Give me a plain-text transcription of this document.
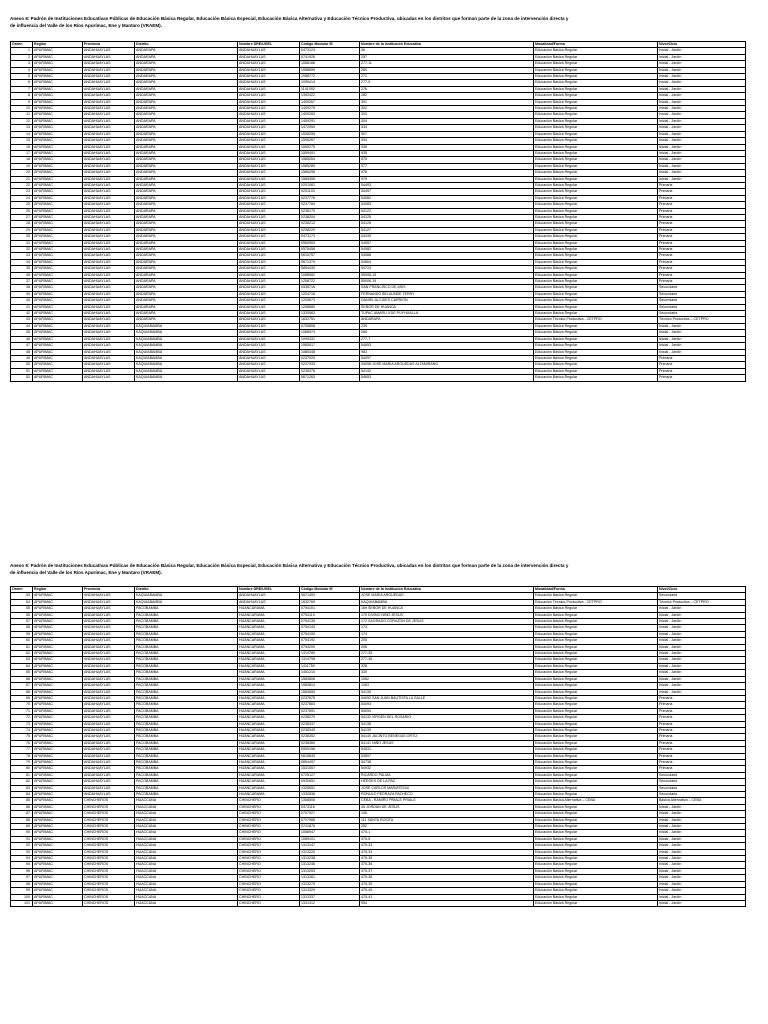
Anexo 6: Padrón de Instituciones Educativas Públicas de Educación Básica Regular, Educación Básica Especial, Educación Básica Alternativa y Educación Técnico Productiva, ubicadas en los distritos que forman parte de la zona de intervención directa y
de influencia del Valle de los Ríos Apurímac, Ene y Mantaro (VRAEM).
Orden	Región	Provincia	Distrito	Nombre DRE/UGEL	Código Modular IE	Nombre de la Institución Educativa	Modalidad/Forma	Nivel/Ciclo
1	APURIMAC	ANDAHUAYLAS	ANDARAPA	ANDAHUAYLAS	0473124	36	Educación Básica Regular	Inicial - Jardín
2	APURIMAC	ANDAHUAYLAS	ANDARAPA	ANDAHUAYLAS	0741926	257	Educación Básica Regular	Inicial - Jardín
3	APURIMAC	ANDAHUAYLAS	ANDARAPA	ANDAHUAYLAS	1088186	277-11	Educación Básica Regular	Inicial - Jardín
4	APURIMAC	ANDAHUAYLAS	ANDARAPA	ANDAHUAYLAS	1088699	269	Educación Básica Regular	Inicial - Jardín
5	APURIMAC	ANDAHUAYLAS	ANDARAPA	ANDAHUAYLAS	1088772	271	Educación Básica Regular	Inicial - Jardín
6	APURIMAC	ANDAHUAYLAS	ANDARAPA	ANDAHUAYLAS	1090414	277-9	Educación Básica Regular	Inicial - Jardín
7	APURIMAC	ANDAHUAYLAS	ANDARAPA	ANDAHUAYLAS	1141092	276	Educación Básica Regular	Inicial - Jardín
8	APURIMAC	ANDAHUAYLAS	ANDARAPA	ANDAHUAYLAS	1392422	282	Educación Básica Regular	Inicial - Jardín
9	APURIMAC	ANDAHUAYLAS	ANDARAPA	ANDAHUAYLAS	1409267	301	Educación Básica Regular	Inicial - Jardín
10	APURIMAC	ANDAHUAYLAS	ANDARAPA	ANDAHUAYLAS	1409275	302	Educación Básica Regular	Inicial - Jardín
11	APURIMAC	ANDAHUAYLAS	ANDARAPA	ANDAHUAYLAS	1409283	303	Educación Básica Regular	Inicial - Jardín
12	APURIMAC	ANDAHUAYLAS	ANDARAPA	ANDAHUAYLAS	1409291	304	Educación Básica Regular	Inicial - Jardín
13	APURIMAC	ANDAHUAYLAS	ANDARAPA	ANDAHUAYLAS	1472950	334	Educación Básica Regular	Inicial - Jardín
14	APURIMAC	ANDAHUAYLAS	ANDARAPA	ANDAHUAYLAS	1538255	907	Educación Básica Regular	Inicial - Jardín
15	APURIMAC	ANDAHUAYLAS	ANDARAPA	ANDAHUAYLAS	1555267	934	Educación Básica Regular	Inicial - Jardín
16	APURIMAC	ANDAHUAYLAS	ANDARAPA	ANDAHUAYLAS	1555275	936	Educación Básica Regular	Inicial - Jardín
17	APURIMAC	ANDAHUAYLAS	ANDARAPA	ANDAHUAYLAS	1559491	935	Educación Básica Regular	Inicial - Jardín
18	APURIMAC	ANDAHUAYLAS	ANDARAPA	ANDAHUAYLAS	1585264	975	Educación Básica Regular	Inicial - Jardín
19	APURIMAC	ANDAHUAYLAS	ANDARAPA	ANDAHUAYLAS	1585280	977	Educación Básica Regular	Inicial - Jardín
20	APURIMAC	ANDAHUAYLAS	ANDARAPA	ANDAHUAYLAS	1585298	978	Educación Básica Regular	Inicial - Jardín
21	APURIMAC	ANDAHUAYLAS	ANDARAPA	ANDAHUAYLAS	1585306	979	Educación Básica Regular	Inicial - Jardín
22	APURIMAC	ANDAHUAYLAS	ANDARAPA	ANDAHUAYLAS	0201061	54493	Educación Básica Regular	Primaria
23	APURIMAC	ANDAHUAYLAS	ANDARAPA	ANDAHUAYLAS	0201103	54497	Educación Básica Regular	Primaria
24	APURIMAC	ANDAHUAYLAS	ANDARAPA	ANDAHUAYLAS	0237776	54082	Educación Básica Regular	Primaria
25	APURIMAC	ANDAHUAYLAS	ANDARAPA	ANDAHUAYLAS	0237784	54083	Educación Básica Regular	Primaria
26	APURIMAC	ANDAHUAYLAS	ANDARAPA	ANDAHUAYLAS	0238170	54122	Educación Básica Regular	Primaria
27	APURIMAC	ANDAHUAYLAS	ANDARAPA	ANDAHUAYLAS	0238204	54125	Educación Básica Regular	Primaria
28	APURIMAC	ANDAHUAYLAS	ANDARAPA	ANDAHUAYLAS	0238212	54126	Educación Básica Regular	Primaria
29	APURIMAC	ANDAHUAYLAS	ANDARAPA	ANDAHUAYLAS	0238220	54127	Educación Básica Regular	Primaria
30	APURIMAC	ANDAHUAYLAS	ANDARAPA	ANDAHUAYLAS	0473173	54339	Educación Básica Regular	Primaria
31	APURIMAC	ANDAHUAYLAS	ANDARAPA	ANDAHUAYLAS	0560953	54557	Educación Básica Regular	Primaria
32	APURIMAC	ANDAHUAYLAS	ANDARAPA	ANDAHUAYLAS	0575456	54582	Educación Básica Regular	Primaria
33	APURIMAC	ANDAHUAYLAS	ANDARAPA	ANDAHUAYLAS	0615757	54588	Educación Básica Regular	Primaria
34	APURIMAC	ANDAHUAYLAS	ANDARAPA	ANDAHUAYLAS	0671370	54664	Educación Básica Regular	Primaria
35	APURIMAC	ANDAHUAYLAS	ANDARAPA	ANDAHUAYLAS	0854430	54724	Educación Básica Regular	Primaria
36	APURIMAC	ANDAHUAYLAS	ANDARAPA	ANDAHUAYLAS	1088582	55006-15	Educación Básica Regular	Primaria
37	APURIMAC	ANDAHUAYLAS	ANDARAPA	ANDAHUAYLAS	1258722	55006-19	Educación Básica Regular	Primaria
38	APURIMAC	ANDAHUAYLAS	ANDARAPA	ANDAHUAYLAS	0535716	SAN FRANCISCO DE ASIS	Educación Básica Regular	Secundaria
39	APURIMAC	ANDAHUAYLAS	ANDARAPA	ANDAHUAYLAS	1204718	FERNANDO BELAUNDE TERRY	Educación Básica Regular	Secundaria
40	APURIMAC	ANDAHUAYLAS	ANDARAPA	ANDAHUAYLAS	1205673	DANIEL ALCIDES CARRION	Educación Básica Regular	Secundaria
41	APURIMAC	ANDAHUAYLAS	ANDARAPA	ANDAHUAYLAS	1258680	SEÑOR DE HUANCA	Educación Básica Regular	Secundaria
42	APURIMAC	ANDAHUAYLAS	ANDARAPA	ANDAHUAYLAS	1330562	TUPAC AMARU II DE PUYHUALLA	Educación Básica Regular	Secundaria
43	APURIMAC	ANDAHUAYLAS	ANDARAPA	ANDAHUAYLAS	1632751	ANDARAPA	Educación Técnico-Productiva - CETPRO	Técnico Productiva – CETPRO
44	APURIMAC	ANDAHUAYLAS	KAQUIABAMBA	ANDAHUAYLAS	0706808	239	Educación Básica Regular	Inicial - Jardín
45	APURIMAC	ANDAHUAYLAS	KAQUIABAMBA	ANDAHUAYLAS	1088574	266	Educación Básica Regular	Inicial - Jardín
46	APURIMAC	ANDAHUAYLAS	KAQUIABAMBA	ANDAHUAYLAS	1090331	277-7	Educación Básica Regular	Inicial - Jardín
47	APURIMAC	ANDAHUAYLAS	KAQUIABAMBA	ANDAHUAYLAS	1585017	54653	Educación Básica Regular	Inicial - Jardín
48	APURIMAC	ANDAHUAYLAS	KAQUIABAMBA	ANDAHUAYLAS	1585348	983	Educación Básica Regular	Inicial - Jardín
49	APURIMAC	ANDAHUAYLAS	KAQUIABAMBA	ANDAHUAYLAS	0237925	54097	Educación Básica Regular	Primaria
50	APURIMAC	ANDAHUAYLAS	KAQUIABAMBA	ANDAHUAYLAS	0237933	54098 JOSE MARIA ARGUEDAS ALTAMIRANO	Educación Básica Regular	Primaria
51	APURIMAC	ANDAHUAYLAS	KAQUIABAMBA	ANDAHUAYLAS	0238378	54142	Educación Básica Regular	Primaria
52	APURIMAC	ANDAHUAYLAS	KAQUIABAMBA	ANDAHUAYLAS	0671263	54653	Educación Básica Regular	Primaria
Anexo 6: Padrón de Instituciones Educativas Públicas de Educación Básica Regular, Educación Básica Especial, Educación Básica Alternativa y Educación Técnico Productiva, ubicadas en los distritos que forman parte de la zona de intervención directa y
de influencia del Valle de los Ríos Apurímac, Ene y Mantaro (VRAEM).
Orden	Región	Provincia	Distrito	Nombre DRE/UGEL	Código Modular IE	Nombre de la Institución Educativa	Modalidad/Forma	Nivel/Ciclo
53	APURIMAC	ANDAHUAYLAS	KAQUIABAMBA	ANDAHUAYLAS	0671453	JOSE MARIA ARGUEDAS	Educación Básica Regular	Secundaria
54	APURIMAC	ANDAHUAYLAS	KAQUIABAMBA	ANDAHUAYLAS	1632769	KAQUIABAMBA	Educación Técnico-Productiva - CETPRO	Técnico Productiva – CETPRO
55	APURIMAC	ANDAHUAYLAS	PACOBAMBA	HUANCARAMA	0754101	169 SEÑOR DE HUANCA	Educación Básica Regular	Inicial - Jardín
56	APURIMAC	ANDAHUAYLAS	PACOBAMBA	HUANCARAMA	0754119	170 DIVINO NIÑO JESUS	Educación Básica Regular	Inicial - Jardín
57	APURIMAC	ANDAHUAYLAS	PACOBAMBA	HUANCARAMA	0754135	172 SAGRADO CORAZON DE JESUS	Educación Básica Regular	Inicial - Jardín
58	APURIMAC	ANDAHUAYLAS	PACOBAMBA	HUANCARAMA	0754143	173	Educación Básica Regular	Inicial - Jardín
59	APURIMAC	ANDAHUAYLAS	PACOBAMBA	HUANCARAMA	0754150	174	Educación Básica Regular	Inicial - Jardín
60	APURIMAC	ANDAHUAYLAS	PACOBAMBA	HUANCARAMA	0754192	205	Educación Básica Regular	Inicial - Jardín
61	APURIMAC	ANDAHUAYLAS	PACOBAMBA	HUANCARAMA	0754200	206	Educación Básica Regular	Inicial - Jardín
62	APURIMAC	ANDAHUAYLAS	PACOBAMBA	HUANCARAMA	1314780	277-35	Educación Básica Regular	Inicial - Jardín
63	APURIMAC	ANDAHUAYLAS	PACOBAMBA	HUANCARAMA	1314798	277-36	Educación Básica Regular	Inicial - Jardín
64	APURIMAC	ANDAHUAYLAS	PACOBAMBA	HUANCARAMA	1411750	328	Educación Básica Regular	Inicial - Jardín
65	APURIMAC	ANDAHUAYLAS	PACOBAMBA	HUANCARAMA	1451210	330	Educación Básica Regular	Inicial - Jardín
66	APURIMAC	ANDAHUAYLAS	PACOBAMBA	HUANCARAMA	1583806	1062	Educación Básica Regular	Inicial - Jardín
67	APURIMAC	ANDAHUAYLAS	PACOBAMBA	HUANCARAMA	1583814	1063	Educación Básica Regular	Inicial - Jardín
68	APURIMAC	ANDAHUAYLAS	PACOBAMBA	HUANCARAMA	1583855	54139	Educación Básica Regular	Inicial - Jardín
69	APURIMAC	ANDAHUAYLAS	PACOBAMBA	HUANCARAMA	0237875	54092 SAN JUAN BAUTISTA LA SALLE	Educación Básica Regular	Primaria
70	APURIMAC	ANDAHUAYLAS	PACOBAMBA	HUANCARAMA	0237883	54093	Educación Básica Regular	Primaria
71	APURIMAC	ANDAHUAYLAS	PACOBAMBA	HUANCARAMA	0237891	54094	Educación Básica Regular	Primaria
72	APURIMAC	ANDAHUAYLAS	PACOBAMBA	HUANCARAMA	0238279	54132 VIRGEN DEL ROSARIO	Educación Básica Regular	Primaria
73	APURIMAC	ANDAHUAYLAS	PACOBAMBA	HUANCARAMA	0238337	54138	Educación Básica Regular	Primaria
74	APURIMAC	ANDAHUAYLAS	PACOBAMBA	HUANCARAMA	0238345	54139	Educación Básica Regular	Primaria
75	APURIMAC	ANDAHUAYLAS	PACOBAMBA	HUANCARAMA	0238352	54140 JACINTO BENEGAS ORTIZ	Educación Básica Regular	Primaria
76	APURIMAC	ANDAHUAYLAS	PACOBAMBA	HUANCARAMA	0238360	54141 NIÑO JESUS	Educación Básica Regular	Primaria
77	APURIMAC	ANDAHUAYLAS	PACOBAMBA	HUANCARAMA	0505156	54531	Educación Básica Regular	Primaria
78	APURIMAC	ANDAHUAYLAS	PACOBAMBA	HUANCARAMA	0615849	54597	Educación Básica Regular	Primaria
79	APURIMAC	ANDAHUAYLAS	PACOBAMBA	HUANCARAMA	0854497	54738	Educación Básica Regular	Primaria
80	APURIMAC	ANDAHUAYLAS	PACOBAMBA	HUANCARAMA	1531557	54932	Educación Básica Regular	Primaria
81	APURIMAC	ANDAHUAYLAS	PACOBAMBA	HUANCARAMA	0725127	RICARDO PALMA	Educación Básica Regular	Secundaria
82	APURIMAC	ANDAHUAYLAS	PACOBAMBA	HUANCARAMA	0930651	HEROES DE LA PAZ	Educación Básica Regular	Secundaria
83	APURIMAC	ANDAHUAYLAS	PACOBAMBA	HUANCARAMA	1326651	JOSE CARLOS MARIATEGUI	Educación Básica Regular	Secundaria
84	APURIMAC	ANDAHUAYLAS	PACOBAMBA	HUANCARAMA	1330836	RONULO PEDRAZA PACHECO	Educación Básica Regular	Secundaria
85	APURIMAC	CHINCHEROS	HUACCANA	CHINCHERO	1358506	CEBA - RAMIRO PRIALE PRIALE	Educación Básica Alternativa – CEBA	Básica Alternativa – CEBA
86	APURIMAC	CHINCHEROS	HUACCANA	CHINCHERO	0473116	45 JORDAN DE JESUS	Educación Básica Regular	Inicial - Jardín
87	APURIMAC	CHINCHEROS	HUACCANA	CHINCHERO	0707927	106	Educación Básica Regular	Inicial - Jardín
88	APURIMAC	CHINCHEROS	HUACCANA	CHINCHERO	0707968	111 SANTA ROSITA	Educación Básica Regular	Inicial - Jardín
89	APURIMAC	CHINCHEROS	HUACCANA	CHINCHERO	0741876	252	Educación Básica Regular	Inicial - Jardín
90	APURIMAC	CHINCHEROS	HUACCANA	CHINCHERO	1088947	475-1	Educación Básica Regular	Inicial - Jardín
91	APURIMAC	CHINCHEROS	HUACCANA	CHINCHERO	1089101	475-5	Educación Básica Regular	Inicial - Jardín
92	APURIMAC	CHINCHEROS	HUACCANA	CHINCHERO	1313147	475-33	Educación Básica Regular	Inicial - Jardín
93	APURIMAC	CHINCHEROS	HUACCANA	CHINCHERO	1313220	475-34	Educación Básica Regular	Inicial - Jardín
94	APURIMAC	CHINCHEROS	HUACCANA	CHINCHERO	1313238	475-35	Educación Básica Regular	Inicial - Jardín
95	APURIMAC	CHINCHEROS	HUACCANA	CHINCHERO	1313246	475-36	Educación Básica Regular	Inicial - Jardín
96	APURIMAC	CHINCHEROS	HUACCANA	CHINCHERO	1313253	475-37	Educación Básica Regular	Inicial - Jardín
97	APURIMAC	CHINCHEROS	HUACCANA	CHINCHERO	1313261	475-38	Educación Básica Regular	Inicial - Jardín
98	APURIMAC	CHINCHEROS	HUACCANA	CHINCHERO	1313279	475-39	Educación Básica Regular	Inicial - Jardín
99	APURIMAC	CHINCHEROS	HUACCANA	CHINCHERO	1313329	475-40	Educación Básica Regular	Inicial - Jardín
100	APURIMAC	CHINCHEROS	HUACCANA	CHINCHERO	1313337	475-41	Educación Básica Regular	Inicial - Jardín
101	APURIMAC	CHINCHEROS	HUACCANA	CHINCHERO	1331412	954	Educación Básica Regular	Inicial - Jardín
